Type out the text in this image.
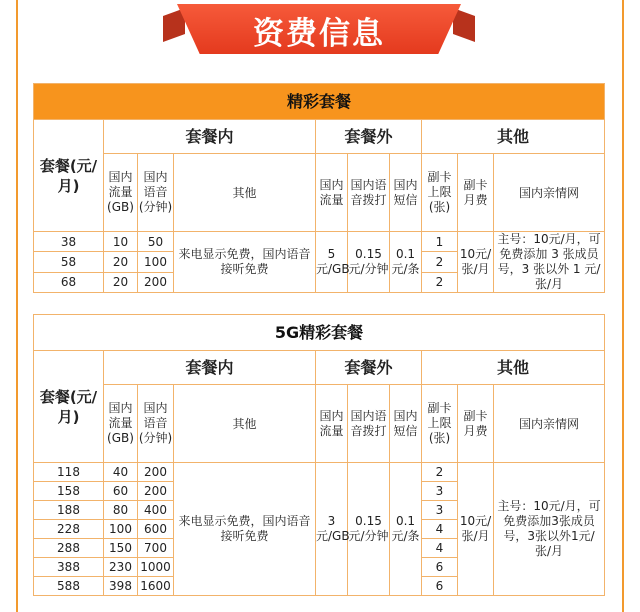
资费信息
精彩套餐									
套餐(元/月)	套餐内			套餐外			其他		
	国内流量(GB)	国内语音(分钟)	其他	国内流量	国内语音拨打	国内短信	副卡上限(张)	副卡月费	国内亲情网
38	10	50	来电显示免费，国内语音接听免费	5元/GB	0.15元/分钟	0.1元/条	1	10元/张/月	主号：10元/月，可免费添加 3 张成员号，3 张以外 1 元/张/月
58	20	100					2		
68	20	200					2		
5G精彩套餐									
套餐(元/月)	套餐内			套餐外			其他		
	国内流量(GB)	国内语音(分钟)	其他	国内流量	国内语音拨打	国内短信	副卡上限(张)	副卡月费	国内亲情网
118	40	200	来电显示免费，国内语音接听免费	3元/GB	0.15元/分钟	0.1元/条	2	10元/张/月	主号：10元/月，可免费添加3张成员号，3张以外1元/张/月
158	60	200					3		
188	80	400					3		
228	100	600					4		
288	150	700					4		
388	230	1000					6		
588	398	1600					6		
